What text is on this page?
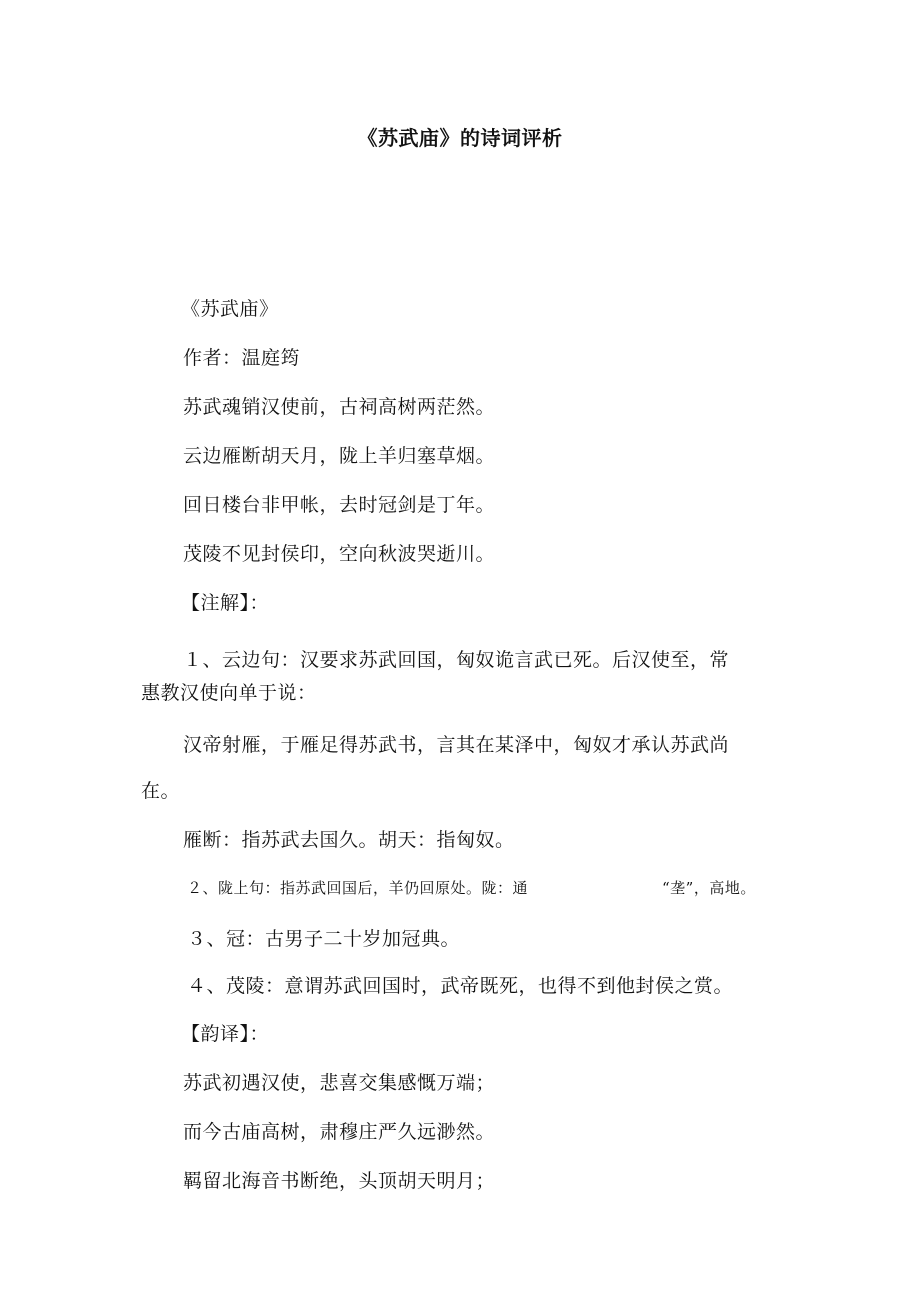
《苏武庙》的诗词评析

《苏武庙》

作者：温庭筠

苏武魂销汉使前，古祠高树两茫然。

云边雁断胡天月，陇上羊归塞草烟。

回日楼台非甲帐，去时冠剑是丁年。

茂陵不见封侯印，空向秋波哭逝川。

【注解】：

１、云边句：汉要求苏武回国，匈奴诡言武已死。后汉使至，常

惠教汉使向单于说：

汉帝射雁，于雁足得苏武书，言其在某泽中，匈奴才承认苏武尚

在。

雁断：指苏武去国久。胡天：指匈奴。

２、陇上句：指苏武回国后，羊仍回原处。陇：通	“垄”，高地。

３、冠：古男子二十岁加冠典。

４、茂陵：意谓苏武回国时，武帝既死，也得不到他封侯之赏。

【韵译】：

苏武初遇汉使，悲喜交集感慨万端；

而今古庙高树，肃穆庄严久远渺然。

羁留北海音书断绝，头顶胡天明月；
